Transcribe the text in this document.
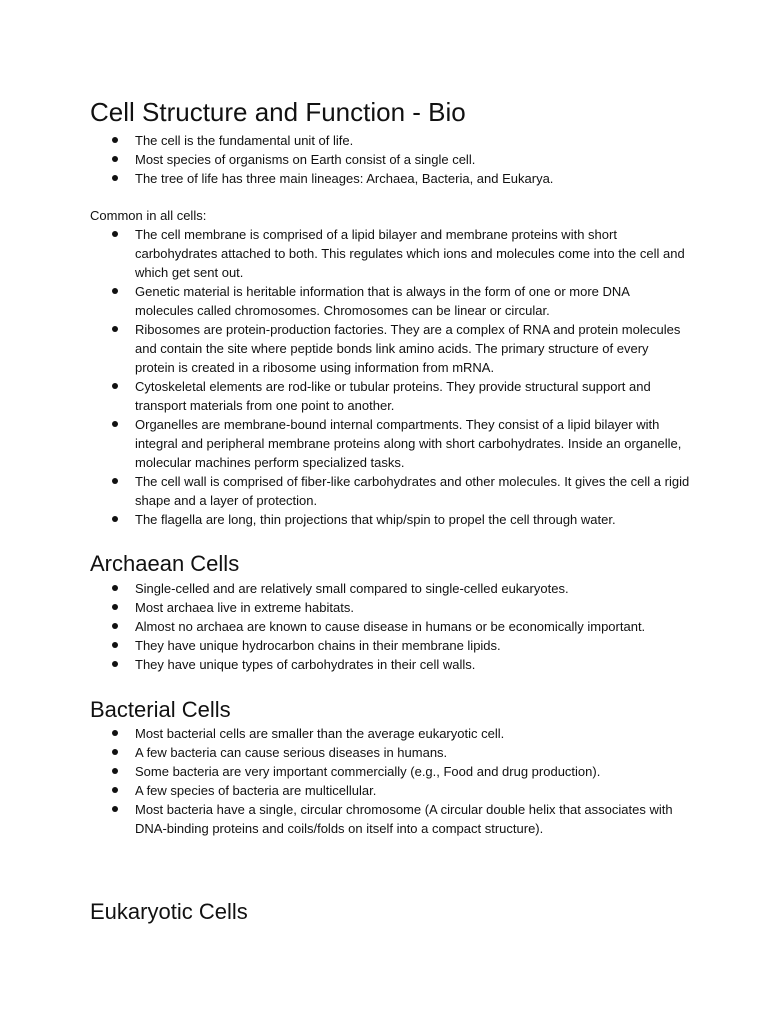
Cell Structure and Function - Bio
The cell is the fundamental unit of life.
Most species of organisms on Earth consist of a single cell.
The tree of life has three main lineages: Archaea, Bacteria, and Eukarya.

Common in all cells:

The cell membrane is comprised of a lipid bilayer and membrane proteins with short carbohydrates attached to both. This regulates which ions and molecules come into the cell and which get sent out.
Genetic material is heritable information that is always in the form of one or more DNA molecules called chromosomes. Chromosomes can be linear or circular.
Ribosomes are protein-production factories. They are a complex of RNA and protein molecules and contain the site where peptide bonds link amino acids. The primary structure of every protein is created in a ribosome using information from mRNA.
Cytoskeletal elements are rod-like or tubular proteins. They provide structural support and transport materials from one point to another.
Organelles are membrane-bound internal compartments. They consist of a lipid bilayer with integral and peripheral membrane proteins along with short carbohydrates. Inside an organelle, molecular machines perform specialized tasks.
The cell wall is comprised of fiber-like carbohydrates and other molecules. It gives the cell a rigid shape and a layer of protection.
The flagella are long, thin projections that whip/spin to propel the cell through water.
Archaean Cells
Single-celled and are relatively small compared to single-celled eukaryotes.
Most archaea live in extreme habitats.
Almost no archaea are known to cause disease in humans or be economically important.
They have unique hydrocarbon chains in their membrane lipids.
They have unique types of carbohydrates in their cell walls.
Bacterial Cells
Most bacterial cells are smaller than the average eukaryotic cell.
A few bacteria can cause serious diseases in humans.
Some bacteria are very important commercially (e.g., Food and drug production).
A few species of bacteria are multicellular.
Most bacteria have a single, circular chromosome (A circular double helix that associates with DNA-binding proteins and coils/folds on itself into a compact structure).
Eukaryotic Cells
